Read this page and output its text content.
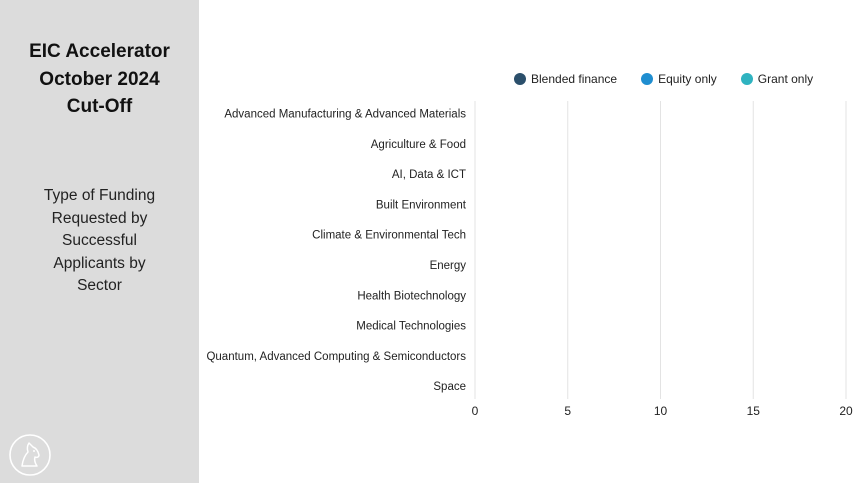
EIC Accelerator
October 2024
Cut-Off
Type of Funding
Requested by
Successful
Applicants by
Sector
Blended finance	Equity only	Grant only
Advanced Manufacturing & Advanced Materials
Agriculture & Food
AI, Data & ICT
Built Environment
Climate & Environmental Tech
Energy
Health Biotechnology
Medical Technologies
Quantum, Advanced Computing & Semiconductors
Space
0	5	10	15	20
